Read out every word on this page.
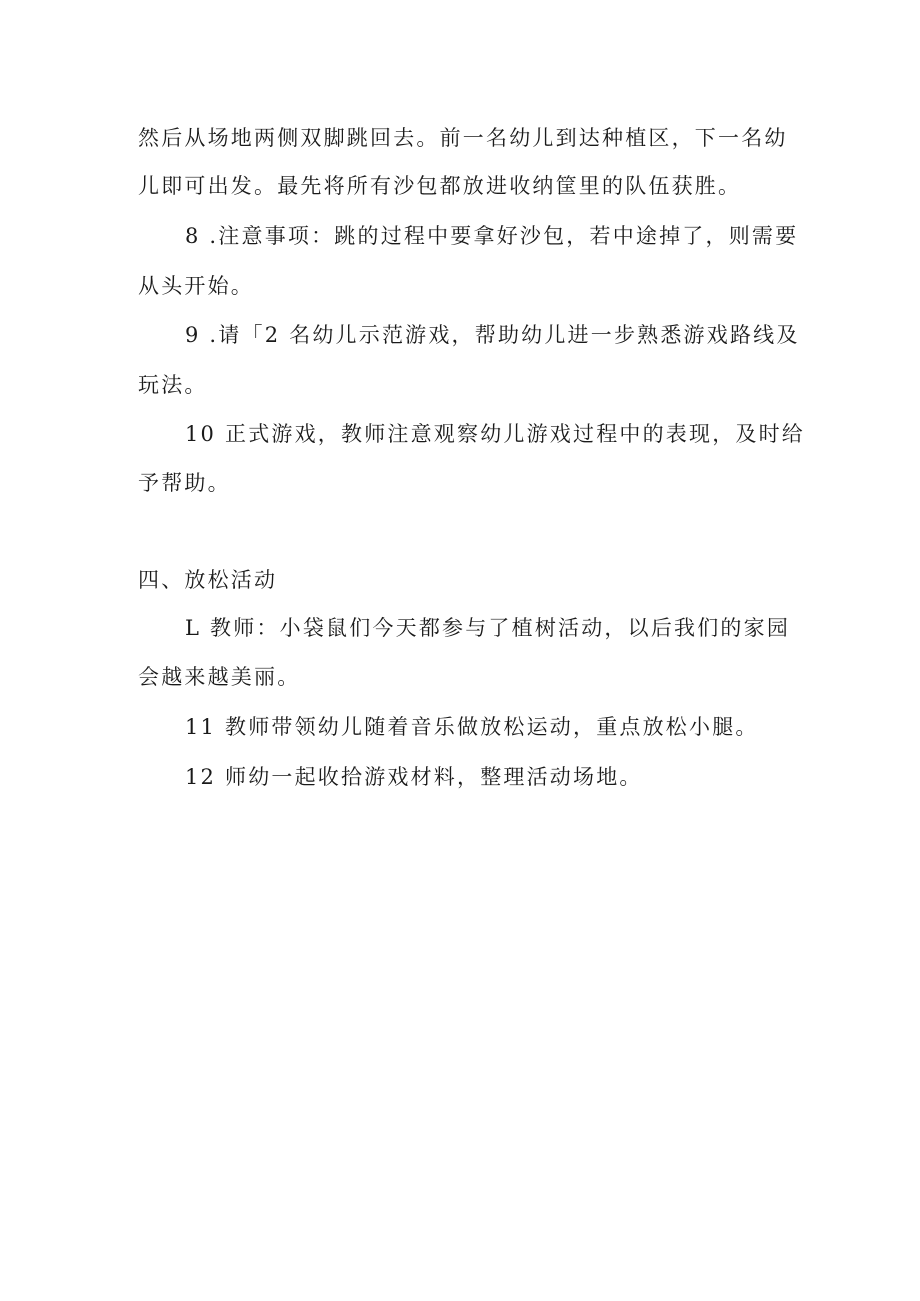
然后从场地两侧双脚跳回去。前一名幼儿到达种植区，下一名幼
儿即可出发。最先将所有沙包都放进收纳筐里的队伍获胜。
8 .注意事项：跳的过程中要拿好沙包，若中途掉了，则需要
从头开始。
9 .请「2 名幼儿示范游戏，帮助幼儿进一步熟悉游戏路线及
玩法。
10 正式游戏，教师注意观察幼儿游戏过程中的表现，及时给
予帮助。
四、放松活动
L 教师：小袋鼠们今天都参与了植树活动，以后我们的家园
会越来越美丽。
11 教师带领幼儿随着音乐做放松运动，重点放松小腿。
12 师幼一起收拾游戏材料，整理活动场地。
